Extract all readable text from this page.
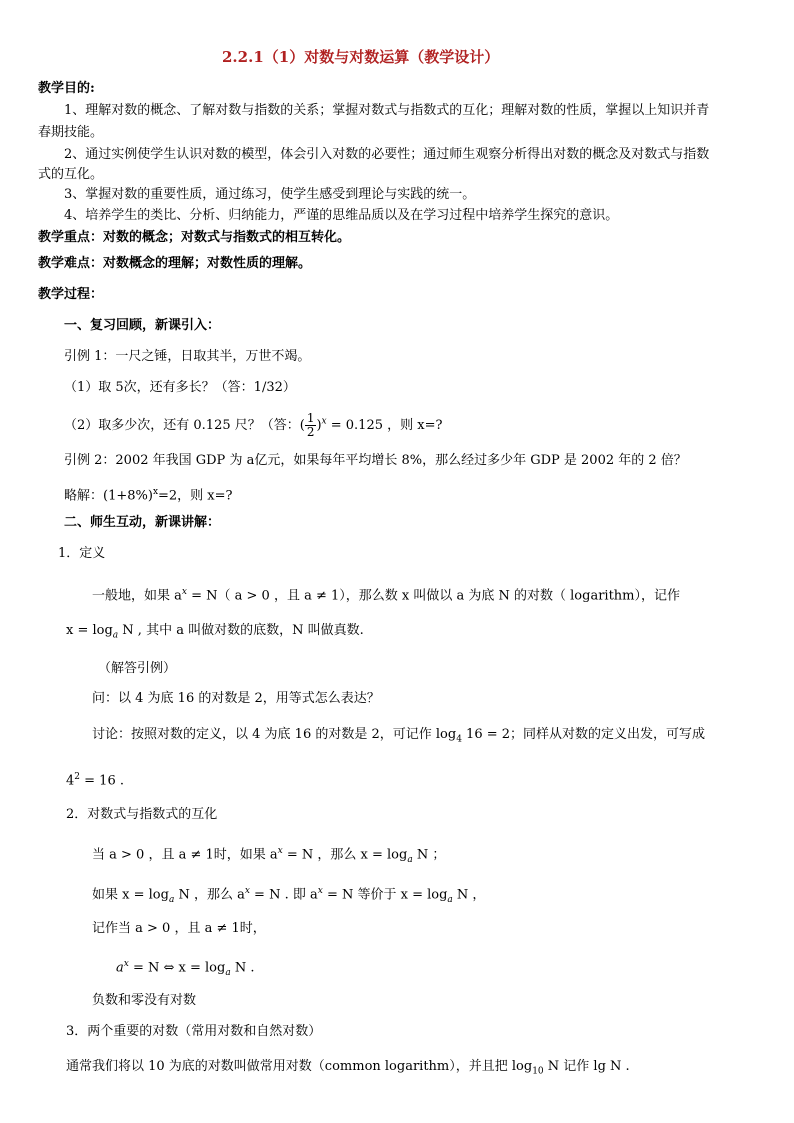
2.2.1（1）对数与对数运算（教学设计）
教学目的:
1、理解对数的概念、了解对数与指数的关系；掌握对数式与指数式的互化；理解对数的性质，掌握以上知识并青
春期技能。
2、通过实例使学生认识对数的模型，体会引入对数的必要性；通过师生观察分析得出对数的概念及对数式与指数
式的互化。
3、掌握对数的重要性质，通过练习，使学生感受到理论与实践的统一。
4、培养学生的类比、分析、归纳能力，严谨的思维品质以及在学习过程中培养学生探究的意识。
教学重点：对数的概念；对数式与指数式的相互转化。
教学难点：对数概念的理解；对数性质的理解。
教学过程：
一、复习回顾，新课引入：
引例 1：一尺之锤，日取其半，万世不竭。
（1）取 5次，还有多长？（答：1/32）
（2）取多少次，还有 0.125 尺？（答：( $\frac{1}{2} )^x = 0.125$ ，则 x=?
引例 2：2002 年我国 GDP 为 a亿元，如果每年平均增长 8%，那么经过多少年 GDP 是 2002 年的 2 倍？
略解：$(1+8\%)^x=2$，则 x=?
二、师生互动，新课讲解：
1．定义
一般地，如果 $a^x = N$（ a > 0 ，且 a ≠ 1），那么数 x 叫做以 a 为底 N 的对数（ logarithm），记作
$x = \log_a N$ , 其中 a 叫做对数的底数，N 叫做真数.
（解答引例）
问：以 4 为底 16 的对数是 2，用等式怎么表达？
讨论：按照对数的定义，以 4 为底 16 的对数是 2，可记作 $\log_4 16 = 2$；同样从对数的定义出发，可写成
$4^2 = 16$ .
2．对数式与指数式的互化
当 a > 0 ，且 a ≠ 1时，如果 $a^x = N$ ，那么 $x = \log_a N$ ；
如果 $x = \log_a N$ ，那么 $a^x = N$ . 即 $a^x = N$ 等价于 $x = \log_a N$ ，
记作当 a > 0 ，且 a ≠ 1时，
$a^x = N$ ⇔ $x = \log_a N$ .
负数和零没有对数
3．两个重要的对数（常用对数和自然对数）
通常我们将以 10 为底的对数叫做常用对数（common logarithm），并且把 $\log_{10} N$ 记作 lg N .
